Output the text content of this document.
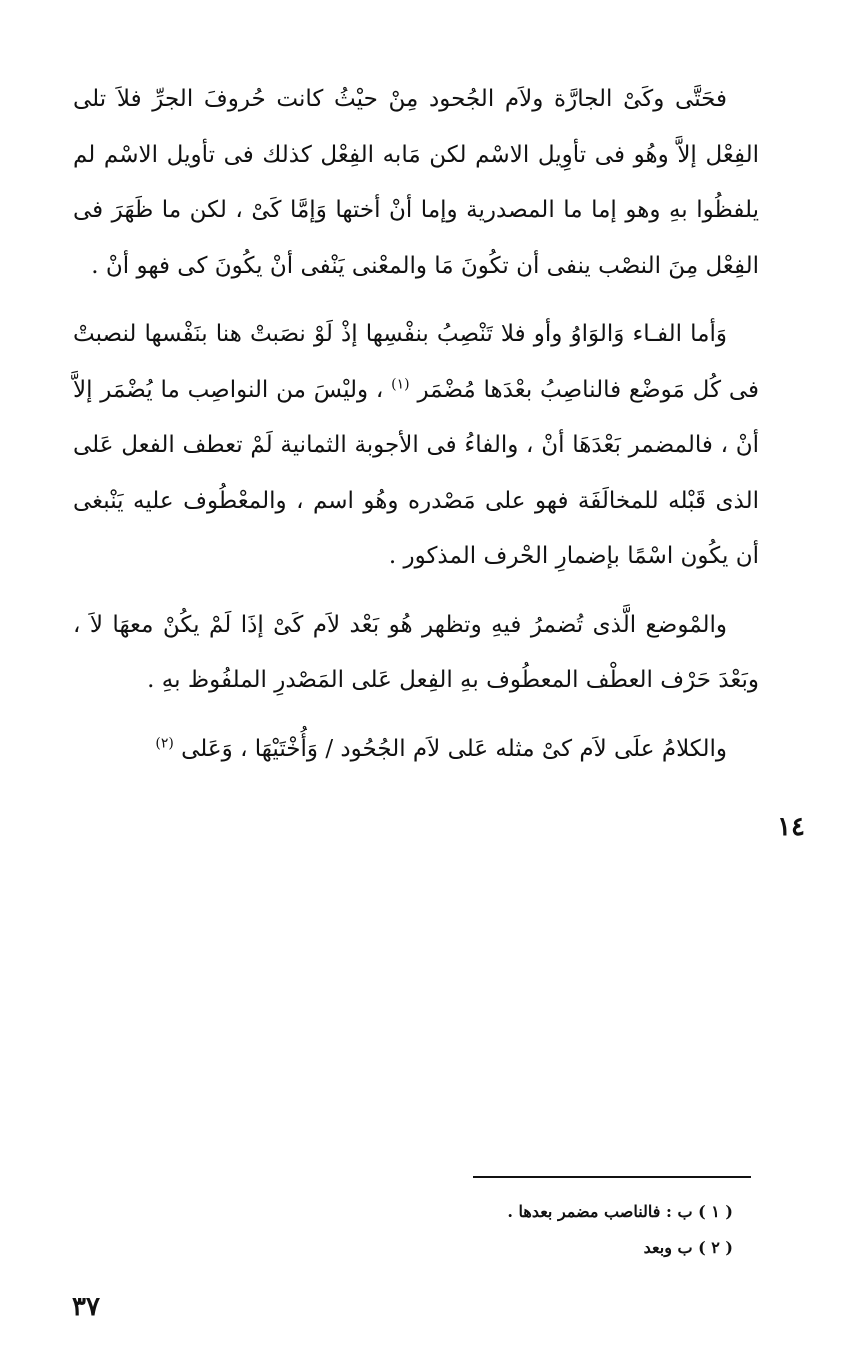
فحَتَّى وكَىْ الجارَّة ولاَم الجُحود مِنْ حيْثُ كانت حُروفَ الجرِّ فلاَ تلى الفِعْل إلاَّ وهُو فى تأوِيل الاسْم لكن مَابه الفِعْل كذلك فى تأويل الاسْم لم يلفظُوا بهِ وهو إما ما المصدرية وإما أنْ أختها وَإمَّا كَىْ ، لكن ما ظَهَرَ فى الفِعْل مِنَ النصْب ينفى أن تكُونَ مَا والمعْنى يَنْفى أنْ يكُونَ كى فهو أنْ .

وَأما الفـاء وَالوَاوُ وأو فلا تَنْصِبُ بنفْسِها إذْ لَوْ نصَبتْ هنا بنَفْسها لنصبتْ فى كُل مَوضْع فالناصِبُ بعْدَها مُضْمَر $^{(١)}$ ، وليْسَ من النواصِب ما يُضْمَر إلاَّ أنْ ، فالمضمر بَعْدَهَا أنْ ، والفاءُ فى الأجوبة الثمانية لَمْ تعطف الفعل عَلى الذى قَبْله للمخالَفَة فهو على مَصْدره وهُو اسم ، والمعْطُوف عليه يَنْبغى أن يكُون اسْمًا بإضمارِ الحْرف المذكور .

والمْوضع الَّذى تُضمرُ فيهِ وتظهر هُو بَعْد لاَم كَىْ إذَا لَمْ يكُنْ معهَا لاَ ، وبَعْدَ حَرْف العطْف المعطُوف بهِ الفِعل عَلى المَصْدرِ الملفُوظ بهِ .

والكلامُ علَى لاَم كىْ مثله عَلى لاَم الجُحُود / وَأُخْتَيْهَا ، وَعَلى $^{(٢)}$

١٤
( ١ ) ب : فالناصب مضمر بعدها .
( ٢ ) ب وبعد
٣٧
